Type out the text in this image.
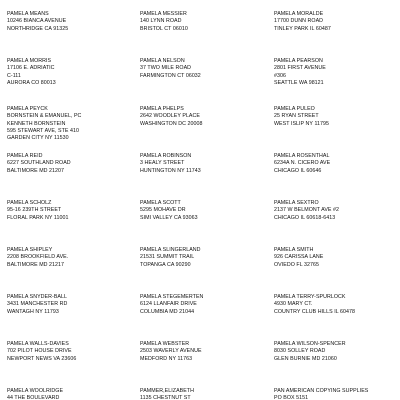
PAMELA MEANS
10246 BIANCA AVENUE
NORTHRIDGE CA 91325
PAMELA MESSIER
140 LYNN ROAD
BRISTOL CT 06010
PAMELA MORALDE
17700 DUNN ROAD
TINLEY PARK IL 60487
PAMELA MORRIS
17106 E. ADRIATIC
C-111
AURORA CO 80013
PAMELA NELSON
37 TWO MILE ROAD
FARMINGTON CT 06032
PAMELA PEARSON
2801 FIRST AVENUE
#306
SEATTLE WA 98121
PAMELA PEYCK
BORNSTEIN & EMANUEL, PC
KENNETH BORNSTEIN
595 STEWART AVE, STE 410
GARDEN CITY NY 11530
PAMELA PHELPS
2642 WOODLEY PLACE
WASHINGTON DC 20008
PAMELA PULEO
25 RYAN STREET
WEST ISLIP NY 11795
PAMELA REID
6227 SOUTHLAND ROAD
BALTIMORE MD 21207
PAMELA ROBINSON
3 HEALY STREET
HUNTINGTON NY 11743
PAMELA ROSENTHAL
6234A N. CICERO AVE
CHICAGO IL 60646
PAMELA SCHOLZ
95-16 239TH STREET
FLORAL PARK NY 11001
PAMELA SCOTT
5295 MOHAVE DR
SIMI VALLEY CA 93063
PAMELA SEXTRO
2137 W BELMONT AVE #2
CHICAGO IL 60618-6413
PAMELA SHIPLEY
2208 BROOKFIELD AVE.
BALTIMORE MD 21217
PAMELA SLINGERLAND
21531 SUMMIT TRAIL
TOPANGA CA 90290
PAMELA SMITH
926 CARISSA LANE
OVIEDO FL 32765
PAMELA SNYDER-BALL
3431 MANCHESTER RD
WANTAGH NY 11793
PAMELA STEGEMERTEN
6124 LLANFAIR DRIVE
COLUMBIA MD 21044
PAMELA TERRY-SPURLOCK
4930 MARY CT.
COUNTRY CLUB HILLS IL 60478
PAMELA WALLS-DAVIES
702 PILOT HOUSE DRIVE
NEWPORT NEWS VA 23606
PAMELA WEBSTER
2503 WAVERLY AVENUE
MEDFORD NY 11763
PAMELA WILSON-SPENCER
8030 SOLLEY ROAD
GLEN BURNIE MD 21060
PAMELA WOOLRIDGE
44 THE BOULEVARD
PAMMER,ELIZABETH
1135 CHESTNUT ST
PAN AMERICAN COPYING SUPPLIES
PO BOX 5151
